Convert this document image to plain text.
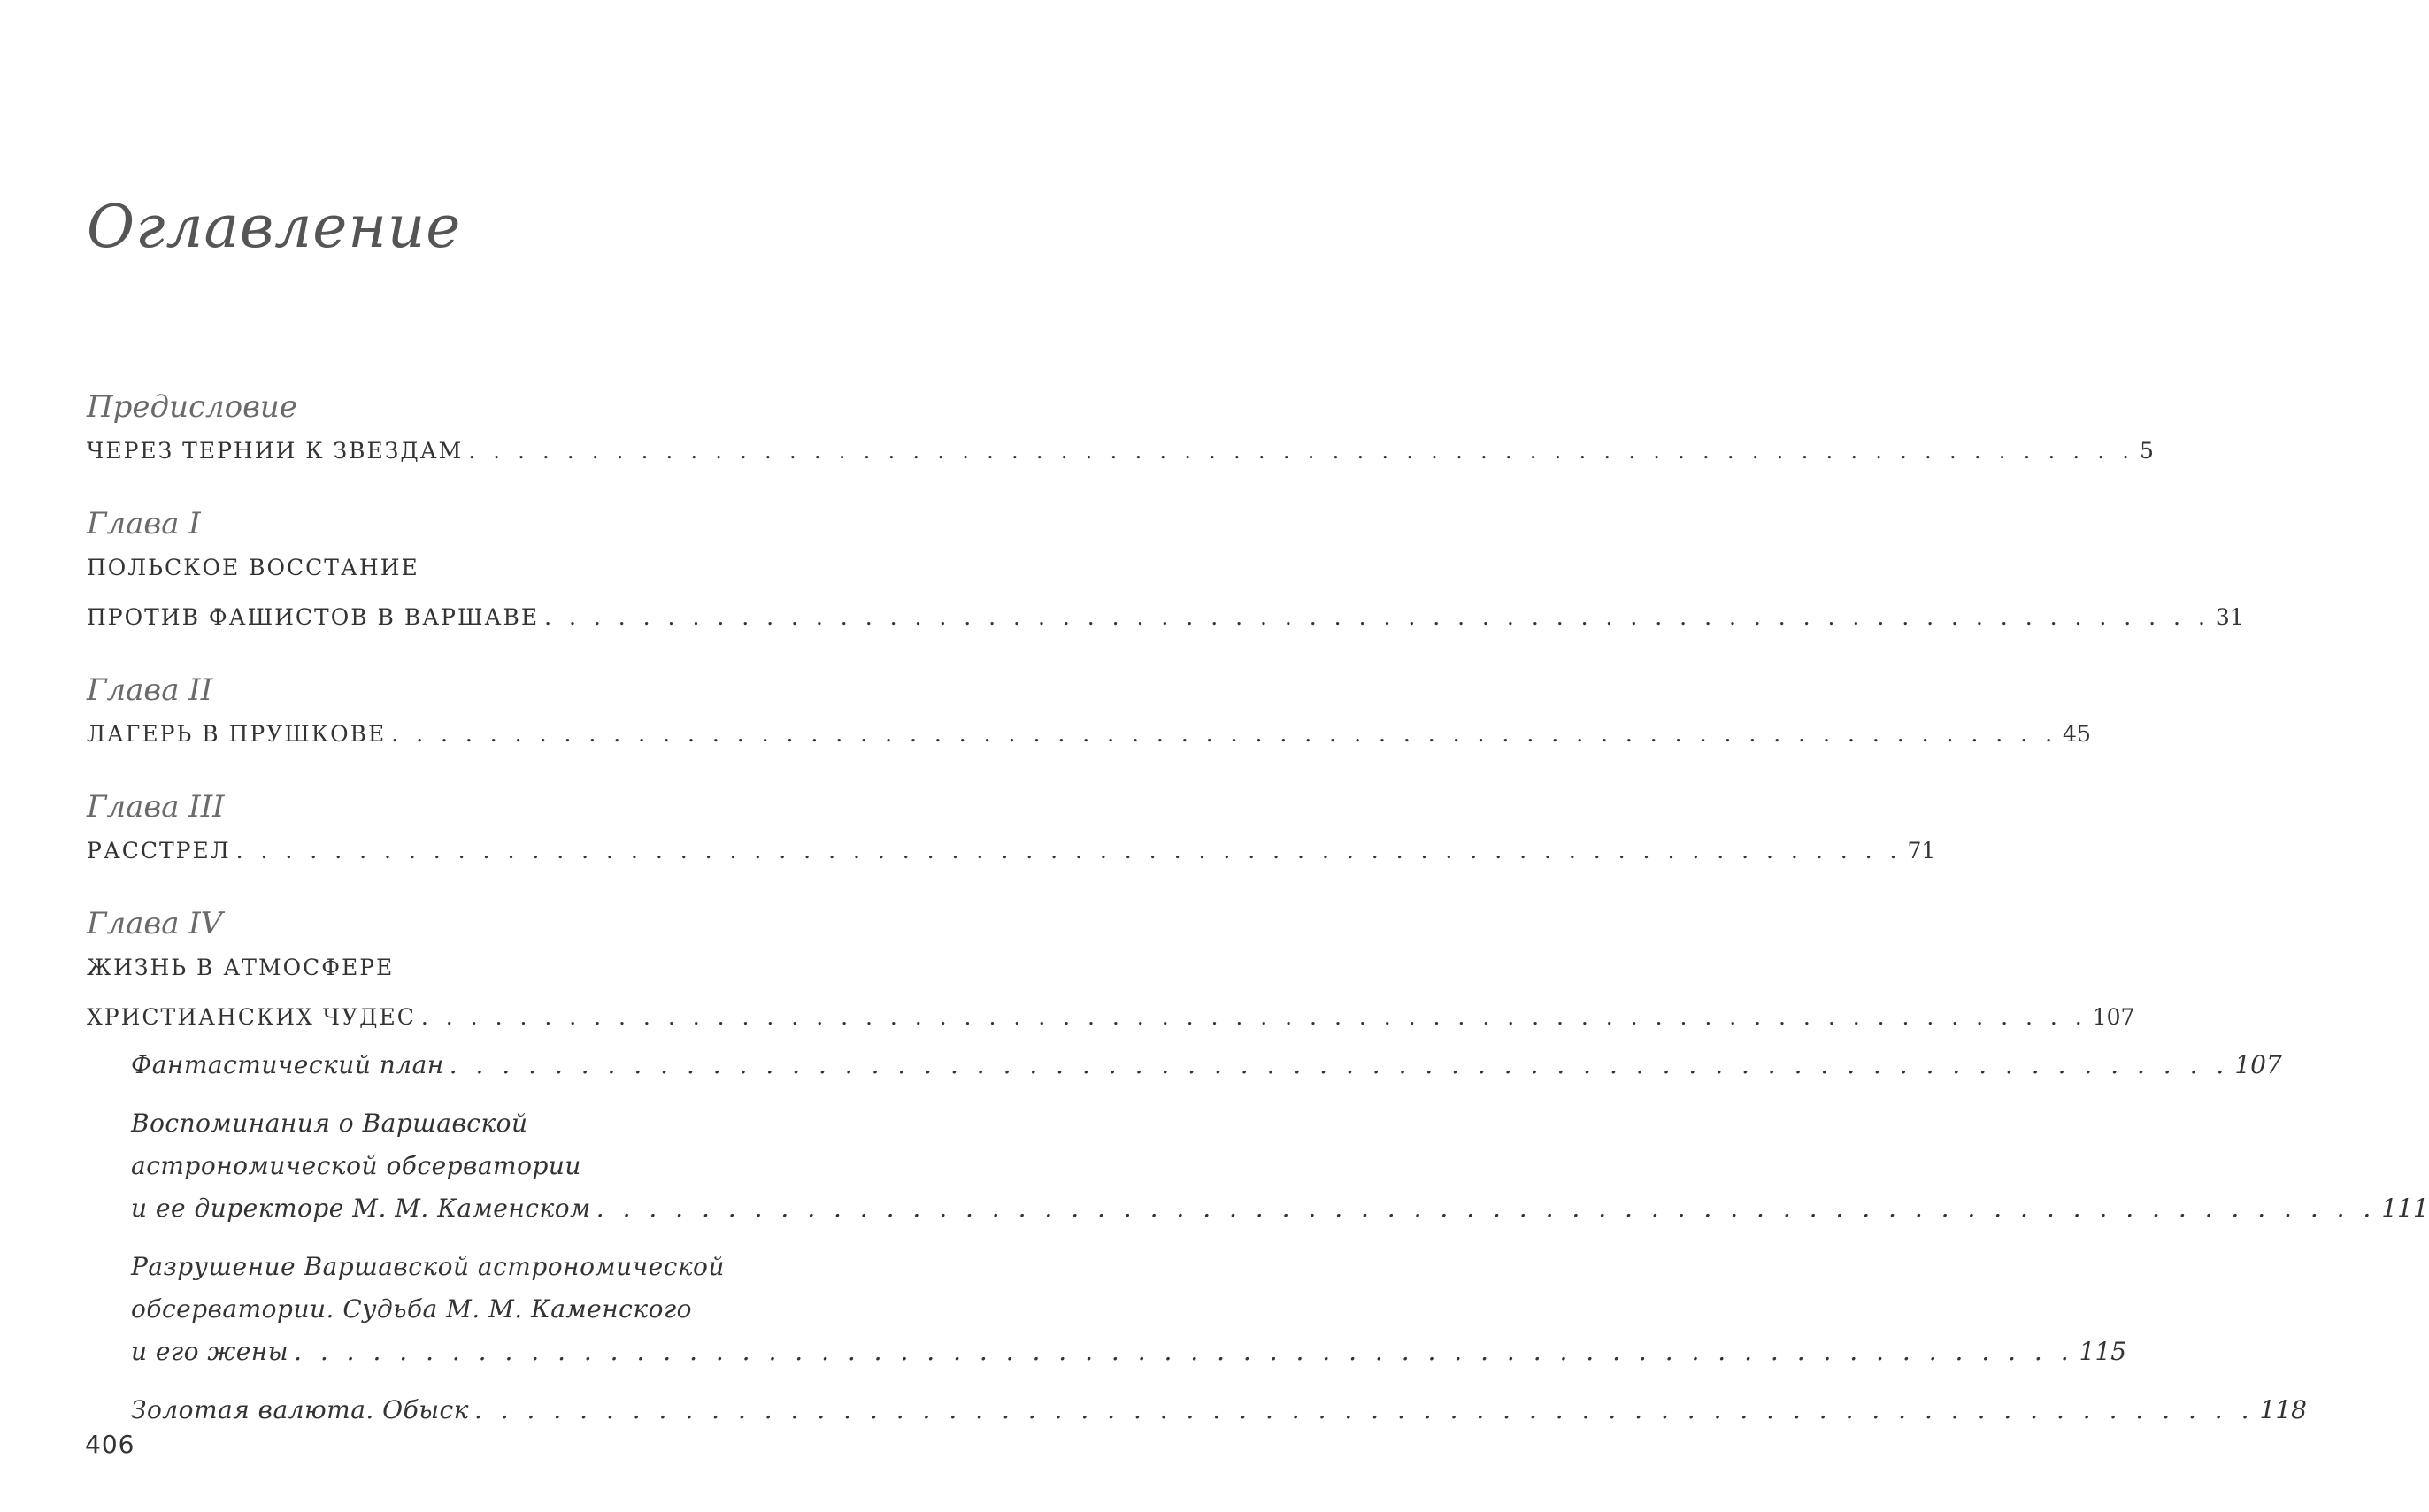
Оглавление
Предисловие
ЧЕРЕЗ ТЕРНИИ К ЗВЕЗДАМ . . . . . . . . . . . . . . . . . . . . . . . . . . . . . . . . . . . . . . . . . . . . . . . . . . . . . . . . . . . . . . . . . . . . 5
Глава I
ПОЛЬСКОЕ ВОССТАНИЕ
ПРОТИВ ФАШИСТОВ В ВАРШАВЕ . . . . . . . . . . . . . . . . . . . . . . . . . . . . . . . . . . . . . . . . . . . . . . . . . . . . . . . . . . . . . . . . . . . . 31
Глава II
ЛАГЕРЬ В ПРУШКОВЕ . . . . . . . . . . . . . . . . . . . . . . . . . . . . . . . . . . . . . . . . . . . . . . . . . . . . . . . . . . . . . . . . . . . . 45
Глава III
РАССТРЕЛ . . . . . . . . . . . . . . . . . . . . . . . . . . . . . . . . . . . . . . . . . . . . . . . . . . . . . . . . . . . . . . . . . . . . 71
Глава IV
ЖИЗНЬ В АТМОСФЕРЕ
ХРИСТИАНСКИХ ЧУДЕС . . . . . . . . . . . . . . . . . . . . . . . . . . . . . . . . . . . . . . . . . . . . . . . . . . . . . . . . . . . . . . . . . . . . 107
Фантастический план . . . . . . . . . . . . . . . . . . . . . . . . . . . . . . . . . . . . . . . . . . . . . . . . . . . . . . . . . . . . . . . . . . . . 107
Воспоминания о Варшавской
астрономической обсерватории
и ее директоре М. М. Каменском . . . . . . . . . . . . . . . . . . . . . . . . . . . . . . . . . . . . . . . . . . . . . . . . . . . . . . . . . . . . . . . . . . . . 111
Разрушение Варшавской астрономической
обсерватории. Судьба М. М. Каменского
и его жены . . . . . . . . . . . . . . . . . . . . . . . . . . . . . . . . . . . . . . . . . . . . . . . . . . . . . . . . . . . . . . . . . . . . 115
Золотая валюта. Обыск . . . . . . . . . . . . . . . . . . . . . . . . . . . . . . . . . . . . . . . . . . . . . . . . . . . . . . . . . . . . . . . . . . . . 118
406
